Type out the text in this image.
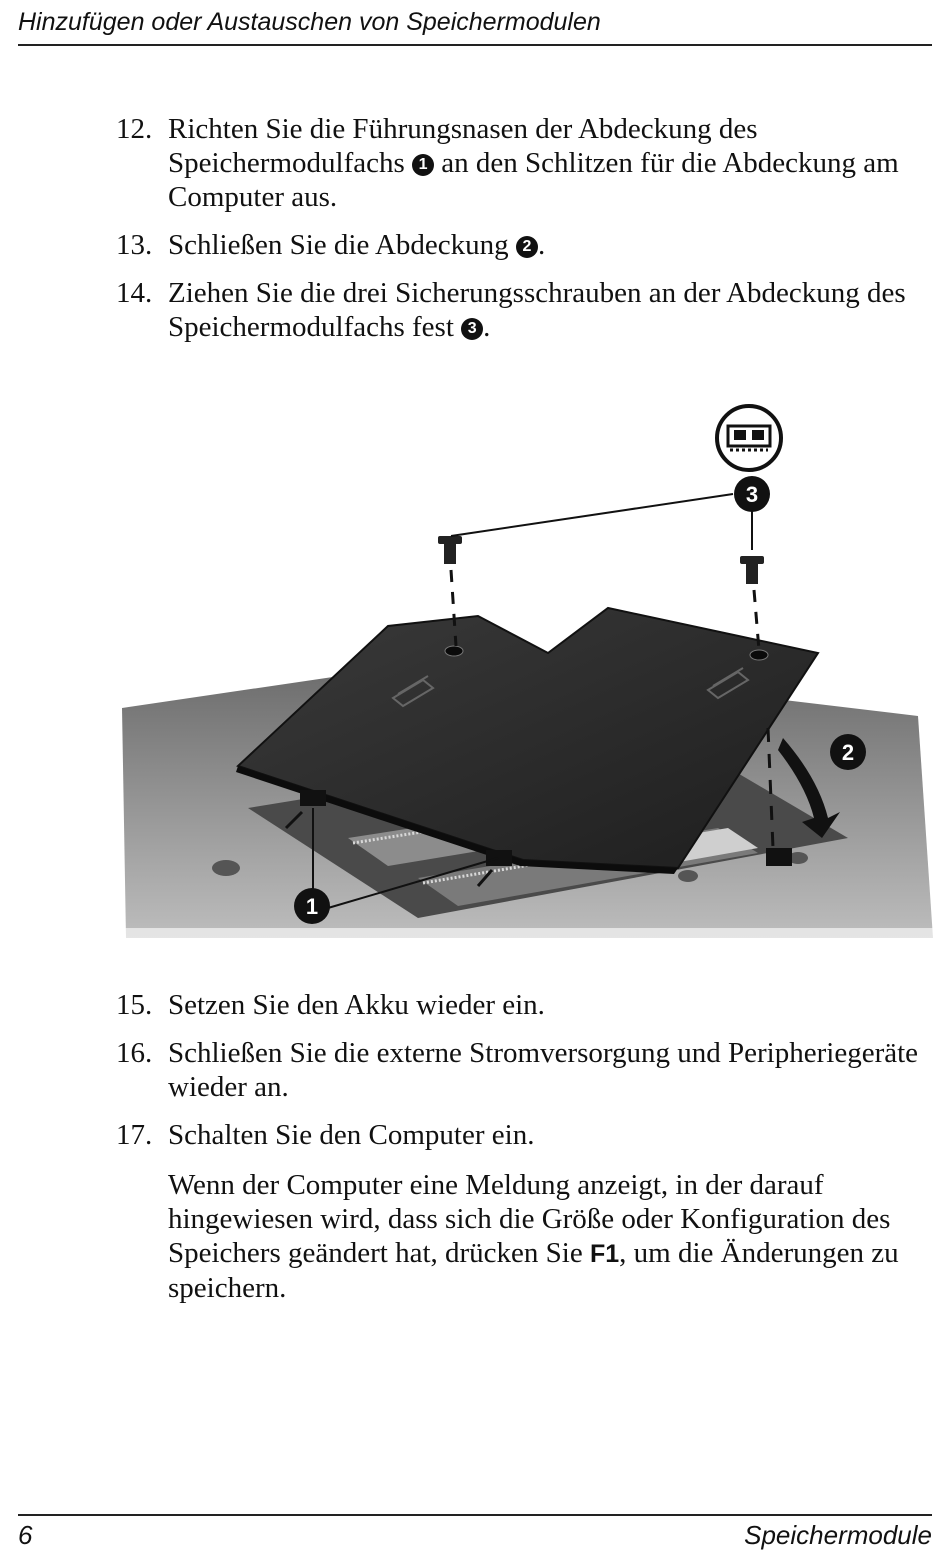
Hinzufügen oder Austauschen von Speichermodulen
12. Richten Sie die Führungsnasen der Abdeckung des Speichermodulfachs 1 an den Schlitzen für die Abdeckung am Computer aus.
13. Schließen Sie die Abdeckung 2 .
14. Ziehen Sie die drei Sicherungsschrauben an der Abdeckung des Speichermodulfachs fest 3 .
3
2
1
15. Setzen Sie den Akku wieder ein.
16. Schließen Sie die externe Stromversorgung und Peripheriegeräte wieder an.
17. Schalten Sie den Computer ein.

Wenn der Computer eine Meldung anzeigt, in der darauf hingewiesen wird, dass sich die Größe oder Konfiguration des Speichers geändert hat, drücken Sie F1, um die Änderungen zu speichern.

6	Speichermodule
